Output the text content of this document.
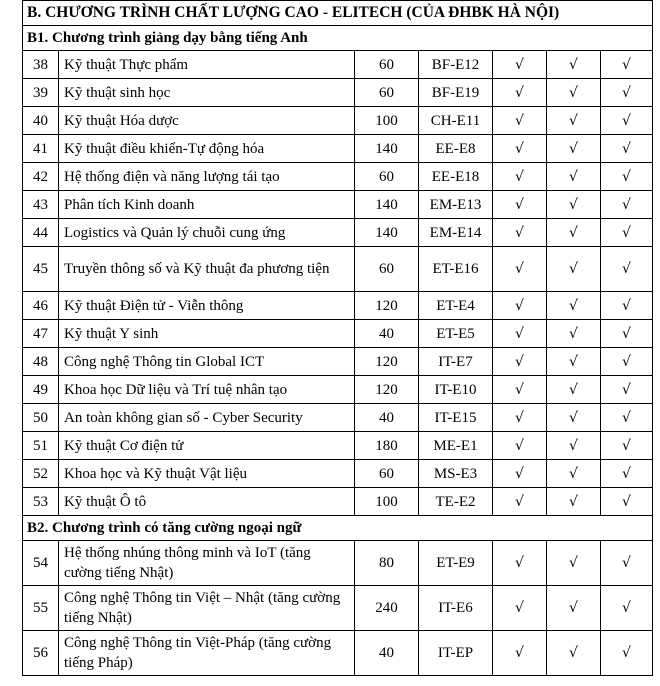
B. CHƯƠNG TRÌNH CHẤT LƯỢNG CAO - ELITECH (CỦA ĐHBK HÀ NỘI)						
B1. Chương trình giảng dạy bằng tiếng Anh						
38	Kỹ thuật Thực phẩm	60	BF-E12	√	√	√
39	Kỹ thuật sinh học	60	BF-E19	√	√	√
40	Kỹ thuật Hóa dược	100	CH-E11	√	√	√
41	Kỹ thuật điều khiển-Tự động hóa	140	EE-E8	√	√	√
42	Hệ thống điện và năng lượng tái tạo	60	EE-E18	√	√	√
43	Phân tích Kinh doanh	140	EM-E13	√	√	√
44	Logistics và Quản lý chuỗi cung ứng	140	EM-E14	√	√	√
45	Truyền thông số và Kỹ thuật đa phương tiện	60	ET-E16	√	√	√
46	Kỹ thuật Điện tử - Viễn thông	120	ET-E4	√	√	√
47	Kỹ thuật Y sinh	40	ET-E5	√	√	√
48	Công nghệ Thông tin Global ICT	120	IT-E7	√	√	√
49	Khoa học Dữ liệu và Trí tuệ nhân tạo	120	IT-E10	√	√	√
50	An toàn không gian số - Cyber Security	40	IT-E15	√	√	√
51	Kỹ thuật Cơ điện tử	180	ME-E1	√	√	√
52	Khoa học và Kỹ thuật Vật liệu	60	MS-E3	√	√	√
53	Kỹ thuật Ô tô	100	TE-E2	√	√	√
B2. Chương trình có tăng cường ngoại ngữ						
54	Hệ thống nhúng thông minh và IoT (tăng cường tiếng Nhật)	80	ET-E9	√	√	√
55	Công nghệ Thông tin Việt – Nhật (tăng cường tiếng Nhật)	240	IT-E6	√	√	√
56	Công nghệ Thông tin Việt-Pháp (tăng cường tiếng Pháp)	40	IT-EP	√	√	√
